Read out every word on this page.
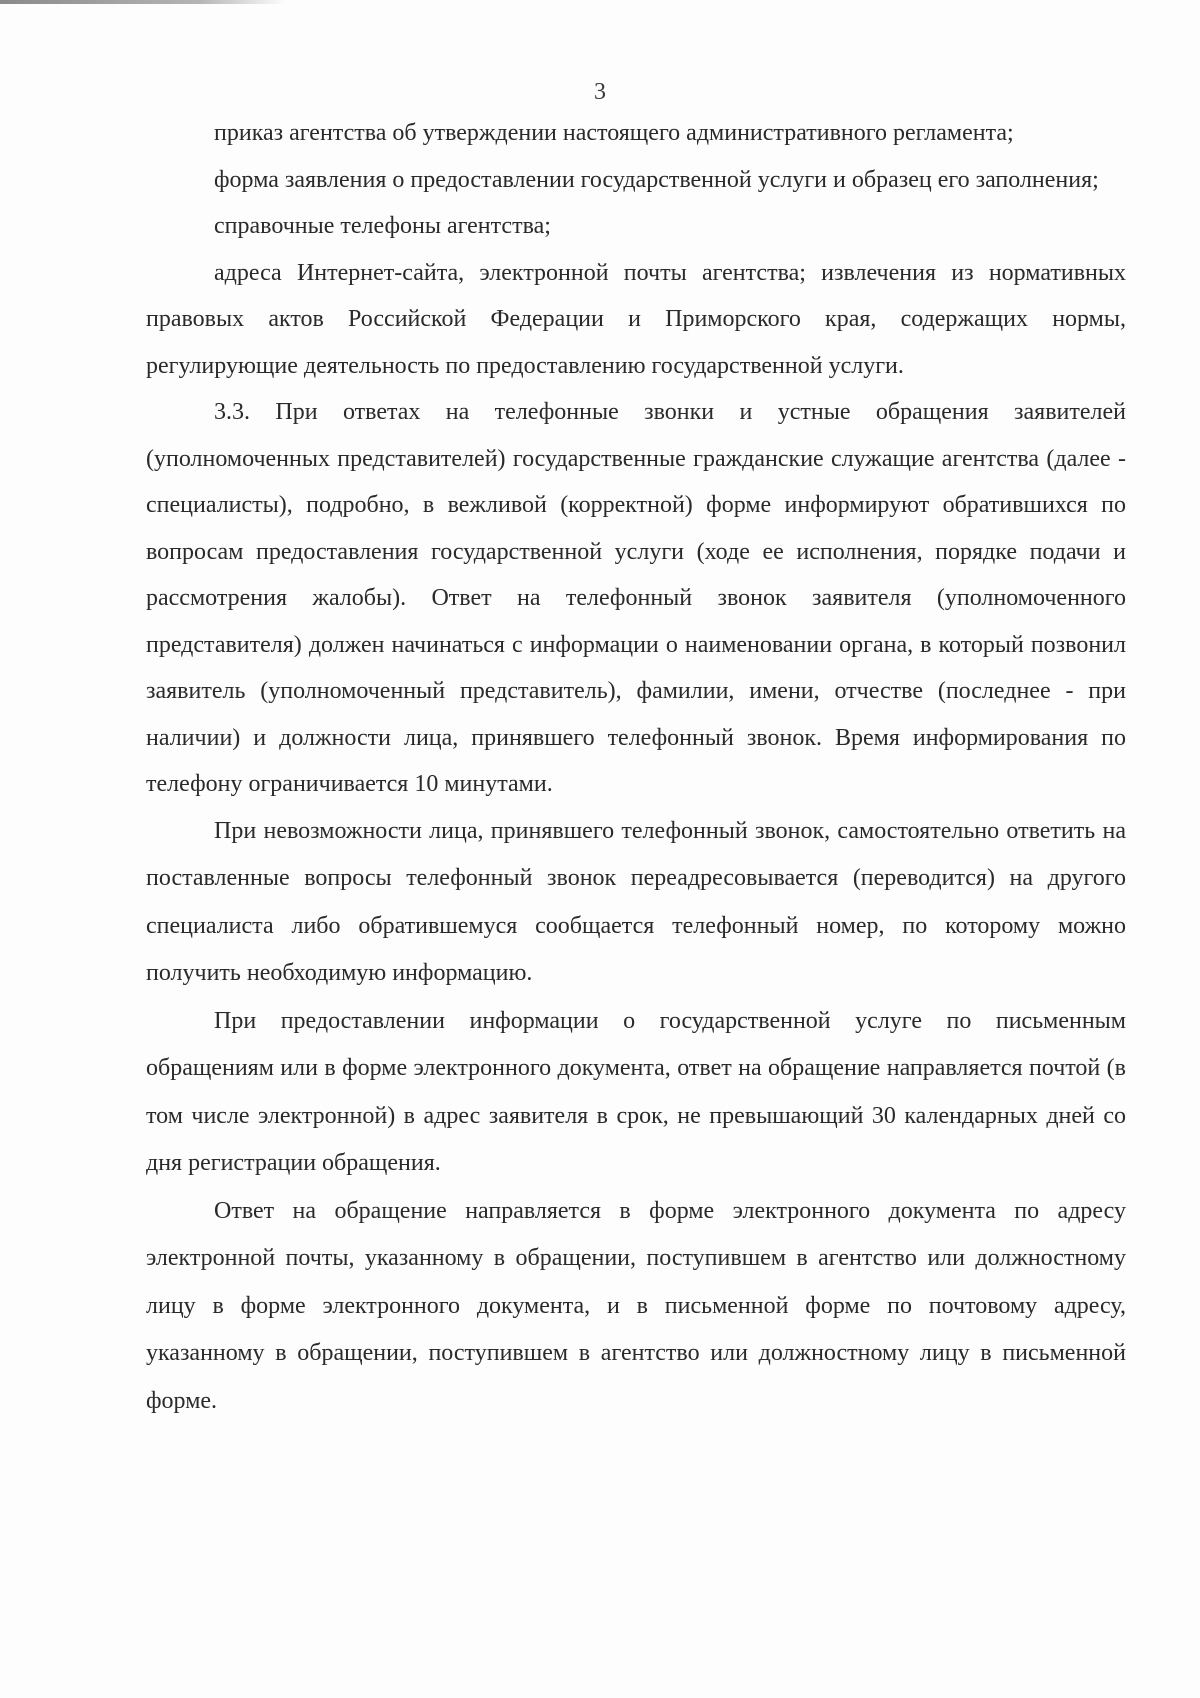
3

приказ агентства об утверждении настоящего административного регламента;

форма заявления о предоставлении государственной услуги и образец его заполнения;

справочные телефоны агентства;

адреса Интернет-сайта, электронной почты агентства; извлечения из нормативных правовых актов Российской Федерации и Приморского края, содержащих нормы, регулирующие деятельность по предоставлению государственной услуги.

3.3. При ответах на телефонные звонки и устные обращения заявителей (уполномоченных представителей) государственные гражданские служащие агентства (далее - специалисты), подробно, в вежливой (корректной) форме информируют обратившихся по вопросам предоставления государственной услуги (ходе ее исполнения, порядке подачи и рассмотрения жалобы). Ответ на телефонный звонок заявителя (уполномоченного представителя) должен начинаться с информации о наименовании органа, в который позвонил заявитель (уполномоченный представитель), фамилии, имени, отчестве (последнее - при наличии) и должности лица, принявшего телефонный звонок. Время информирования по телефону ограничивается 10 минутами.

При невозможности лица, принявшего телефонный звонок, самостоятельно ответить на поставленные вопросы телефонный звонок переадресовывается (переводится) на другого специалиста либо обратившемуся сообщается телефонный номер, по которому можно получить необходимую информацию.

При предоставлении информации о государственной услуге по письменным обращениям или в форме электронного документа, ответ на обращение направляется почтой (в том числе электронной) в адрес заявителя в срок, не превышающий 30 календарных дней со дня регистрации обращения.

Ответ на обращение направляется в форме электронного документа по адресу электронной почты, указанному в обращении, поступившем в агентство или должностному лицу в форме электронного документа, и в письменной форме по почтовому адресу, указанному в обращении, поступившем в агентство или должностному лицу в письменной форме.
